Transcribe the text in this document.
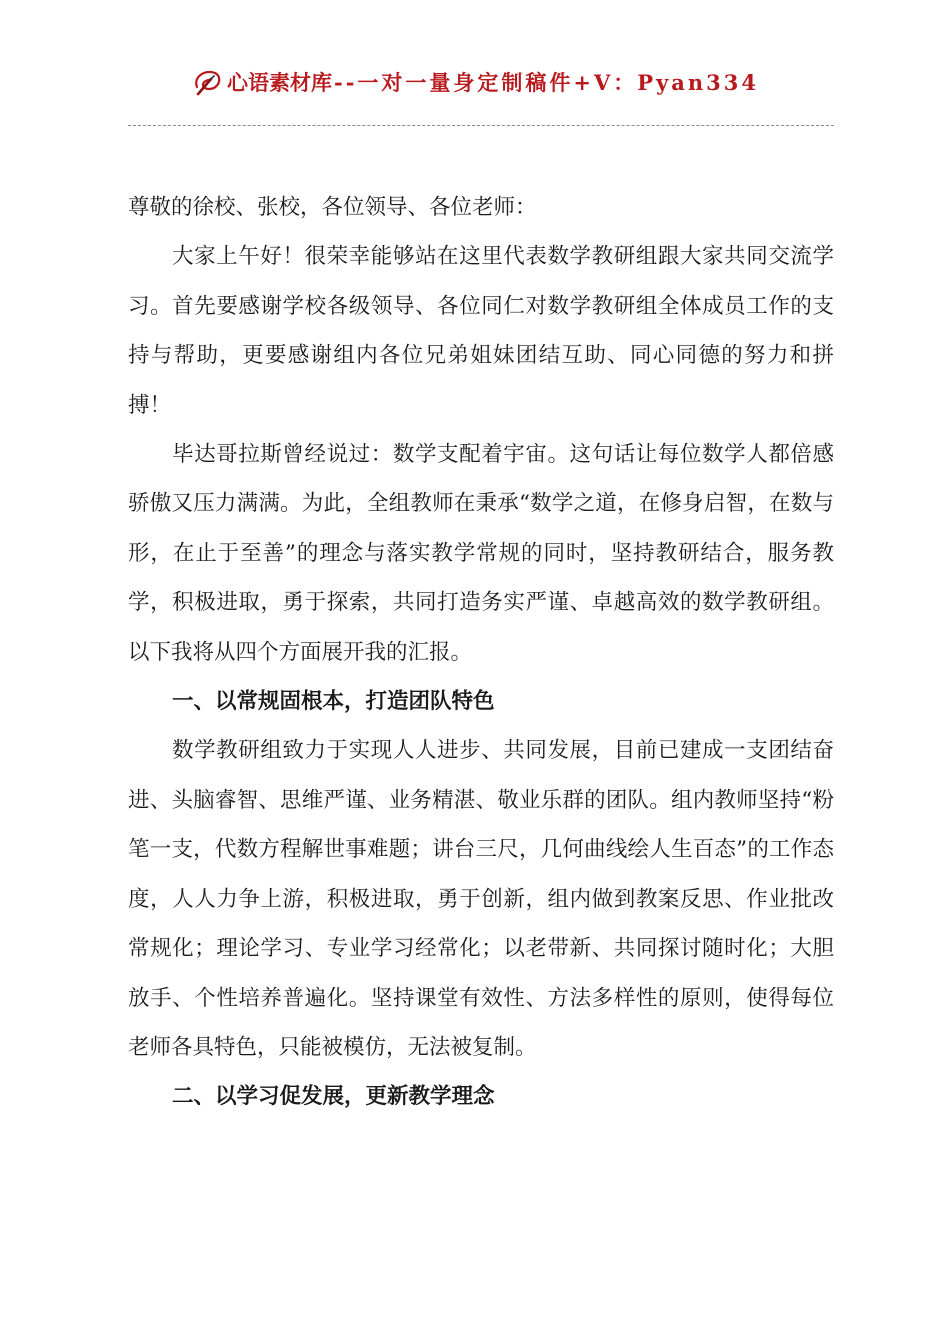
心语素材库 --一对一量身定制稿件+V：Pyan334

尊敬的徐校、张校，各位领导、各位老师：

大家上午好！很荣幸能够站在这里代表数学教研组跟大家共同交流学习。首先要感谢学校各级领导、各位同仁对数学教研组全体成员工作的支持与帮助，更要感谢组内各位兄弟姐妹团结互助、同心同德的努力和拼搏！

毕达哥拉斯曾经说过：数学支配着宇宙。这句话让每位数学人都倍感骄傲又压力满满。为此，全组教师在秉承“数学之道，在修身启智，在数与形，在止于至善”的理念与落实教学常规的同时，坚持教研结合，服务教学，积极进取，勇于探索，共同打造务实严谨、卓越高效的数学教研组。以下我将从四个方面展开我的汇报。

一、以常规固根本，打造团队特色

数学教研组致力于实现人人进步、共同发展，目前已建成一支团结奋进、头脑睿智、思维严谨、业务精湛、敬业乐群的团队。组内教师坚持“粉笔一支，代数方程解世事难题；讲台三尺，几何曲线绘人生百态”的工作态度，人人力争上游，积极进取，勇于创新，组内做到教案反思、作业批改常规化；理论学习、专业学习经常化；以老带新、共同探讨随时化；大胆放手、个性培养普遍化。坚持课堂有效性、方法多样性的原则，使得每位老师各具特色，只能被模仿，无法被复制。

二、以学习促发展，更新教学理念
